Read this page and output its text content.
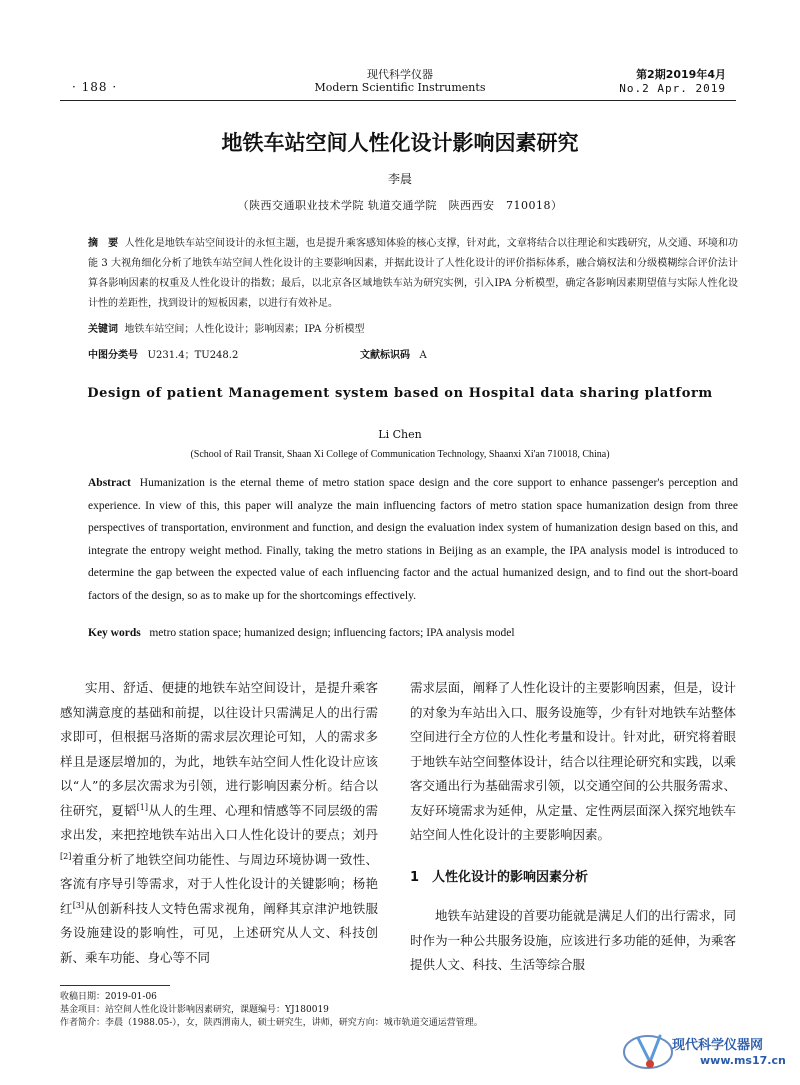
· 188 ·
现代科学仪器
Modern Scientific Instruments
第2期2019年4月
No.2 Apr. 2019
地铁车站空间人性化设计影响因素研究
李晨
（陕西交通职业技术学院 轨道交通学院　陕西西安　710018）
摘　要 人性化是地铁车站空间设计的永恒主题，也是提升乘客感知体验的核心支撑，针对此，文章将结合以往理论和实践研究，从交通、环境和功能 3 大视角细化分析了地铁车站空间人性化设计的主要影响因素，并据此设计了人性化设计的评价指标体系，融合熵权法和分级模糊综合评价法计算各影响因素的权重及人性化设计的指数；最后，以北京各区域地铁车站为研究实例，引入IPA 分析模型，确定各影响因素期望值与实际人性化设计性的差距性，找到设计的短板因素，以进行有效补足。
关键词 地铁车站空间；人性化设计；影响因素；IPA 分析模型
中图分类号 U231.4；TU248.2	文献标识码 A
Design of patient Management system based on Hospital data sharing platform
Li Chen
(School of Rail Transit, Shaan Xi College of Communication Technology, Shaanxi Xi'an 710018, China)
Abstract Humanization is the eternal theme of metro station space design and the core support to enhance passenger's perception and experience. In view of this, this paper will analyze the main influencing factors of metro station space humanization design from three perspectives of transportation, environment and function, and design the evaluation index system of humanization design based on this, and integrate the entropy weight method. Finally, taking the metro stations in Beijing as an example, the IPA analysis model is introduced to determine the gap between the expected value of each influencing factor and the actual humanized design, and to find out the short-board factors of the design, so as to make up for the shortcomings effectively.
Key words metro station space; humanized design; influencing factors; IPA analysis model

实用、舒适、便捷的地铁车站空间设计，是提升乘客感知满意度的基础和前提，以往设计只需满足人的出行需求即可，但根据马洛斯的需求层次理论可知，人的需求多样且是逐层增加的，为此，地铁车站空间人性化设计应该以“人”的多层次需求为引领，进行影响因素分析。结合以往研究，夏韬[1]从人的生理、心理和情感等不同层级的需求出发，来把控地铁车站出入口人性化设计的要点；刘丹[2]着重分析了地铁空间功能性、与周边环境协调一致性、客流有序导引等需求，对于人性化设计的关键影响；杨艳红[3]从创新科技人文特色需求视角，阐释其京津沪地铁服务设施建设的影响性，可见，上述研究从人文、科技创新、乘车功能、身心等不同

需求层面，阐释了人性化设计的主要影响因素，但是，设计的对象为车站出入口、服务设施等，少有针对地铁车站整体空间进行全方位的人性化考量和设计。针对此，研究将着眼于地铁车站空间整体设计，结合以往理论研究和实践，以乘客交通出行为基础需求引领，以交通空间的公共服务需求、友好环境需求为延伸，从定量、定性两层面深入探究地铁车站空间人性化设计的主要影响因素。

1　人性化设计的影响因素分析

地铁车站建设的首要功能就是满足人们的出行需求，同时作为一种公共服务设施，应该进行多功能的延伸，为乘客提供人文、科技、生活等综合服

收稿日期：2019-01-06
基金项目：站空间人性化设计影响因素研究，课题编号：YJ180019
作者简介：李晨（1988.05-），女，陕西渭南人，硕士研究生，讲师，研究方向：城市轨道交通运营管理。
现代科学仪器网
www.ms17.cn
